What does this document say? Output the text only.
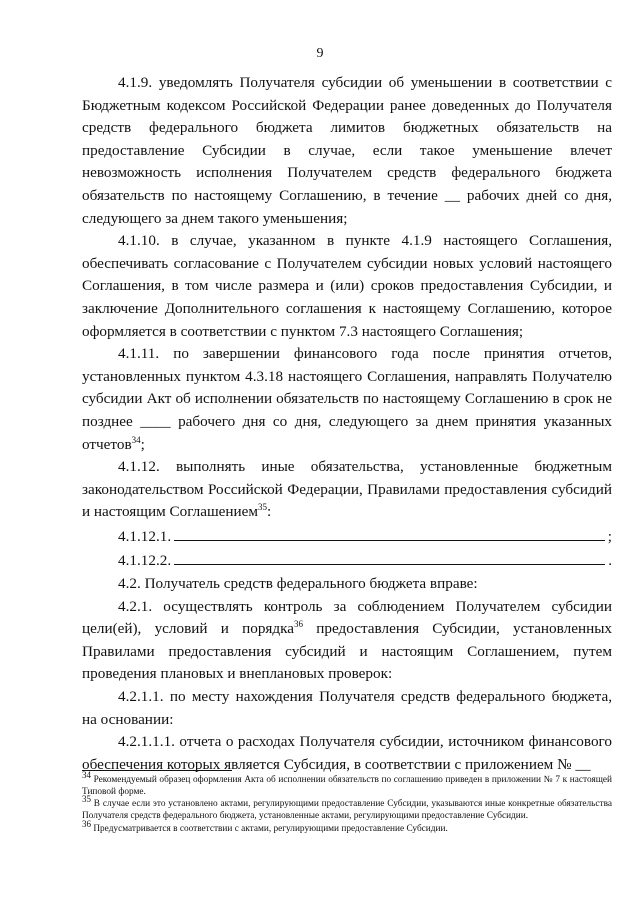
9

4.1.9. уведомлять Получателя субсидии об уменьшении в соответствии с Бюджетным кодексом Российской Федерации ранее доведенных до Получателя средств федерального бюджета лимитов бюджетных обязательств на предоставление Субсидии в случае, если такое уменьшение влечет невозможность исполнения Получателем средств федерального бюджета обязательств по настоящему Соглашению, в течение __ рабочих дней со дня, следующего за днем такого уменьшения;

4.1.10. в случае, указанном в пункте 4.1.9 настоящего Соглашения, обеспечивать согласование с Получателем субсидии новых условий настоящего Соглашения, в том числе размера и (или) сроков предоставления Субсидии, и заключение Дополнительного соглашения к настоящему Соглашению, которое оформляется в соответствии с пунктом 7.3 настоящего Соглашения;

4.1.11. по завершении финансового года после принятия отчетов, установленных пунктом 4.3.18 настоящего Соглашения, направлять Получателю субсидии Акт об исполнении обязательств по настоящему Соглашению в срок не позднее ____ рабочего дня со дня, следующего за днем принятия указанных отчетов$^{34}$;

4.1.12. выполнять иные обязательства, установленные бюджетным законодательством Российской Федерации, Правилами предоставления субсидий и настоящим Соглашением$^{35}$:

4.1.12.1.	;
4.1.12.2.	.

4.2. Получатель средств федерального бюджета вправе:

4.2.1. осуществлять контроль за соблюдением Получателем субсидии цели(ей), условий и порядка$^{36}$ предоставления Субсидии, установленных Правилами предоставления субсидий и настоящим Соглашением, путем проведения плановых и внеплановых проверок:

4.2.1.1. по месту нахождения Получателя средств федерального бюджета, на основании:

4.2.1.1.1. отчета о расходах Получателя субсидии, источником финансового обеспечения которых является Субсидия, в соответствии с приложением № __

$^{34}$ Рекомендуемый образец оформления Акта об исполнении обязательств по соглашению приведен в приложении № 7 к настоящей Типовой форме.

$^{35}$ В случае если это установлено актами, регулирующими предоставление Субсидии, указываются иные конкретные обязательства Получателя средств федерального бюджета, установленные актами, регулирующими предоставление Субсидии.

$^{36}$ Предусматривается в соответствии с актами, регулирующими предоставление Субсидии.
